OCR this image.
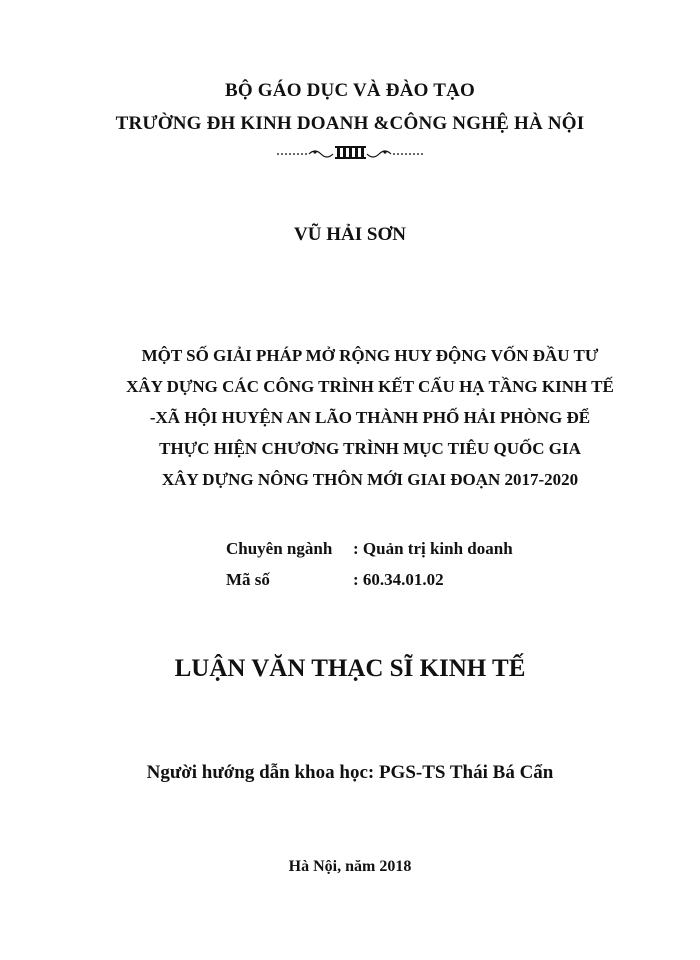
BỘ GÁO DỤC VÀ ĐÀO TẠO
TRƯỜNG ĐH KINH DOANH &CÔNG NGHỆ HÀ NỘI
VŨ HẢI SƠN
MỘT SỐ GIẢI PHÁP MỞ RỘNG HUY ĐỘNG VỐN ĐẦU TƯ
XÂY DỰNG CÁC CÔNG TRÌNH KẾT CẤU HẠ TẦNG KINH TẾ
-XÃ HỘI HUYỆN AN LÃO THÀNH PHỐ HẢI PHÒNG ĐỂ
THỰC HIỆN CHƯƠNG TRÌNH MỤC TIÊU QUỐC GIA
XÂY DỰNG NÔNG THÔN MỚI GIAI ĐOẠN 2017-2020
Chuyên ngành	: Quản trị kinh doanh
Mã số	: 60.34.01.02
LUẬN VĂN THẠC SĨ KINH TẾ
Người hướng dẫn khoa học: PGS-TS Thái Bá Cẩn
Hà Nội, năm 2018
